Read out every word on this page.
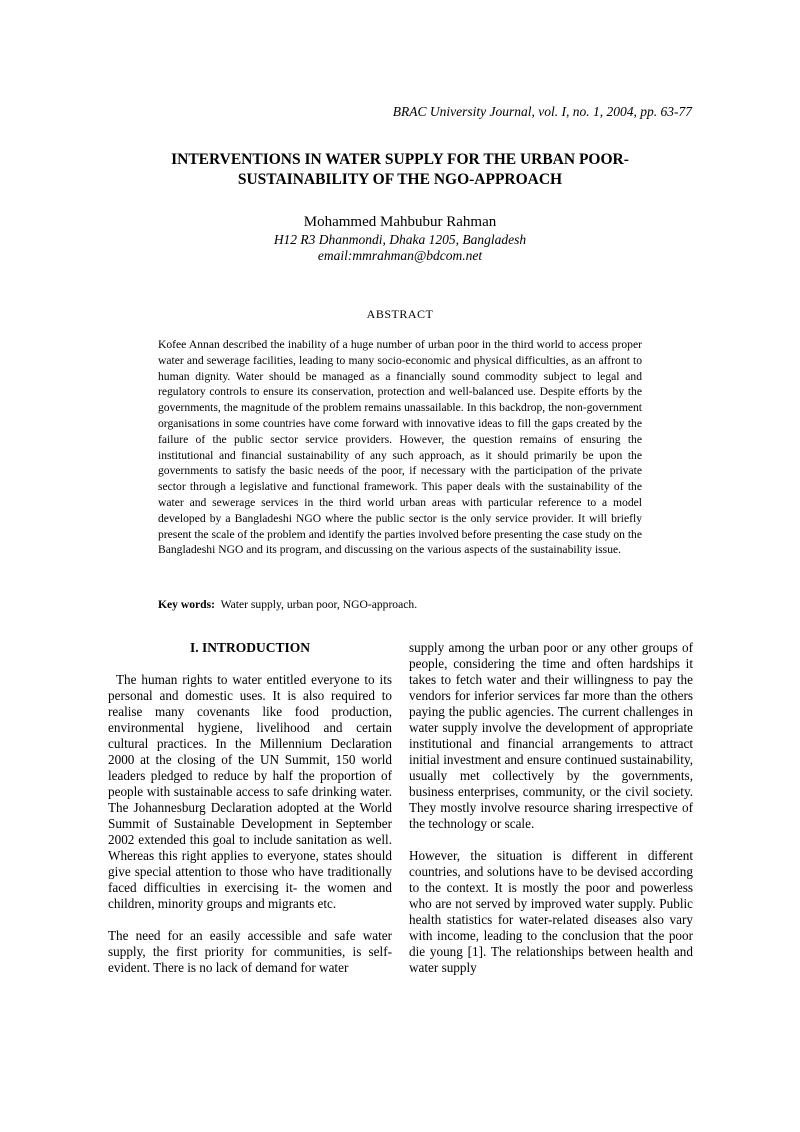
BRAC University Journal, vol. I, no. 1, 2004, pp. 63-77
INTERVENTIONS IN WATER SUPPLY FOR THE URBAN POOR-
SUSTAINABILITY OF THE NGO-APPROACH
Mohammed Mahbubur Rahman
H12 R3 Dhanmondi, Dhaka 1205, Bangladesh
email:mmrahman@bdcom.net
ABSTRACT

Kofee Annan described the inability of a huge number of urban poor in the third world to access proper water and sewerage facilities, leading to many socio-economic and physical difficulties, as an affront to human dignity. Water should be managed as a financially sound commodity subject to legal and regulatory controls to ensure its conservation, protection and well-balanced use. Despite efforts by the governments, the magnitude of the problem remains unassailable. In this backdrop, the non-government organisations in some countries have come forward with innovative ideas to fill the gaps created by the failure of the public sector service providers. However, the question remains of ensuring the institutional and financial sustainability of any such approach, as it should primarily be upon the governments to satisfy the basic needs of the poor, if necessary with the participation of the private sector through a legislative and functional framework. This paper deals with the sustainability of the water and sewerage services in the third world urban areas with particular reference to a model developed by a Bangladeshi NGO where the public sector is the only service provider. It will briefly present the scale of the problem and identify the parties involved before presenting the case study on the Bangladeshi NGO and its program, and discussing on the various aspects of the sustainability issue.

Key words: Water supply, urban poor, NGO-approach.
I. INTRODUCTION

The human rights to water entitled everyone to its personal and domestic uses. It is also required to realise many covenants like food production, environmental hygiene, livelihood and certain cultural practices. In the Millennium Declaration 2000 at the closing of the UN Summit, 150 world leaders pledged to reduce by half the proportion of people with sustainable access to safe drinking water. The Johannesburg Declaration adopted at the World Summit of Sustainable Development in September 2002 extended this goal to include sanitation as well. Whereas this right applies to everyone, states should give special attention to those who have traditionally faced difficulties in exercising it- the women and children, minority groups and migrants etc.

The need for an easily accessible and safe water supply, the first priority for communities, is self-evident. There is no lack of demand for water

supply among the urban poor or any other groups of people, considering the time and often hardships it takes to fetch water and their willingness to pay the vendors for inferior services far more than the others paying the public agencies. The current challenges in water supply involve the development of appropriate institutional and financial arrangements to attract initial investment and ensure continued sustainability, usually met collectively by the governments, business enterprises, community, or the civil society. They mostly involve resource sharing irrespective of the technology or scale.

However, the situation is different in different countries, and solutions have to be devised according to the context. It is mostly the poor and powerless who are not served by improved water supply. Public health statistics for water-related diseases also vary with income, leading to the conclusion that the poor die young [1]. The relationships between health and water supply
